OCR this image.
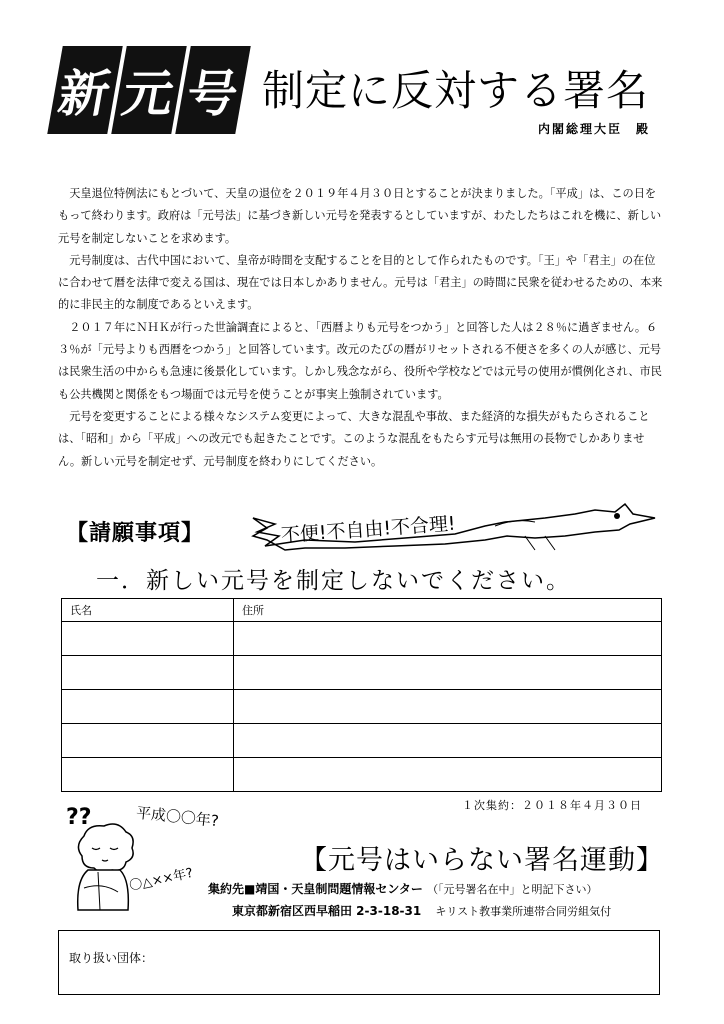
新 元 号 制定に反対する署名
内閣総理大臣　殿

天皇退位特例法にもとづいて、天皇の退位を２０１９年４月３０日とすることが決まりました。「平成」は、この日をもって終わります。政府は「元号法」に基づき新しい元号を発表するとしていますが、わたしたちはこれを機に、新しい元号を制定しないことを求めます。

元号制度は、古代中国において、皇帝が時間を支配することを目的として作られたものです。「王」や「君主」の在位に合わせて暦を法律で変える国は、現在では日本しかありません。元号は「君主」の時間に民衆を従わせるための、本来的に非民主的な制度であるといえます。

２０１７年にＮＨＫが行った世論調査によると、「西暦よりも元号をつかう」と回答した人は２８％に過ぎません。６３％が「元号よりも西暦をつかう」と回答しています。改元のたびの暦がリセットされる不便さを多くの人が感じ、元号は民衆生活の中からも急速に後景化しています。しかし残念ながら、役所や学校などでは元号の使用が慣例化され、市民も公共機関と関係をもつ場面では元号を使うことが事実上強制されています。

元号を変更することによる様々なシステム変更によって、大きな混乱や事故、また経済的な損失がもたらされることは、「昭和」から「平成」への改元でも起きたことです。このような混乱をもたらす元号は無用の長物でしかありません。新しい元号を制定せず、元号制度を終わりにしてください。

【請願事項】	不便!不自由!不合理!
一．新しい元号を制定しないでください。
氏名	住所

１次集約：２０１８年４月３０日
??	平成〇〇年?
〇△××年?
【元号はいらない署名運動】
集約先■靖国・天皇制問題情報センター （「元号署名在中」と明記下さい）
東京都新宿区西早稲田 2-3-18-31 キリスト教事業所連帯合同労組気付
取り扱い団体：
